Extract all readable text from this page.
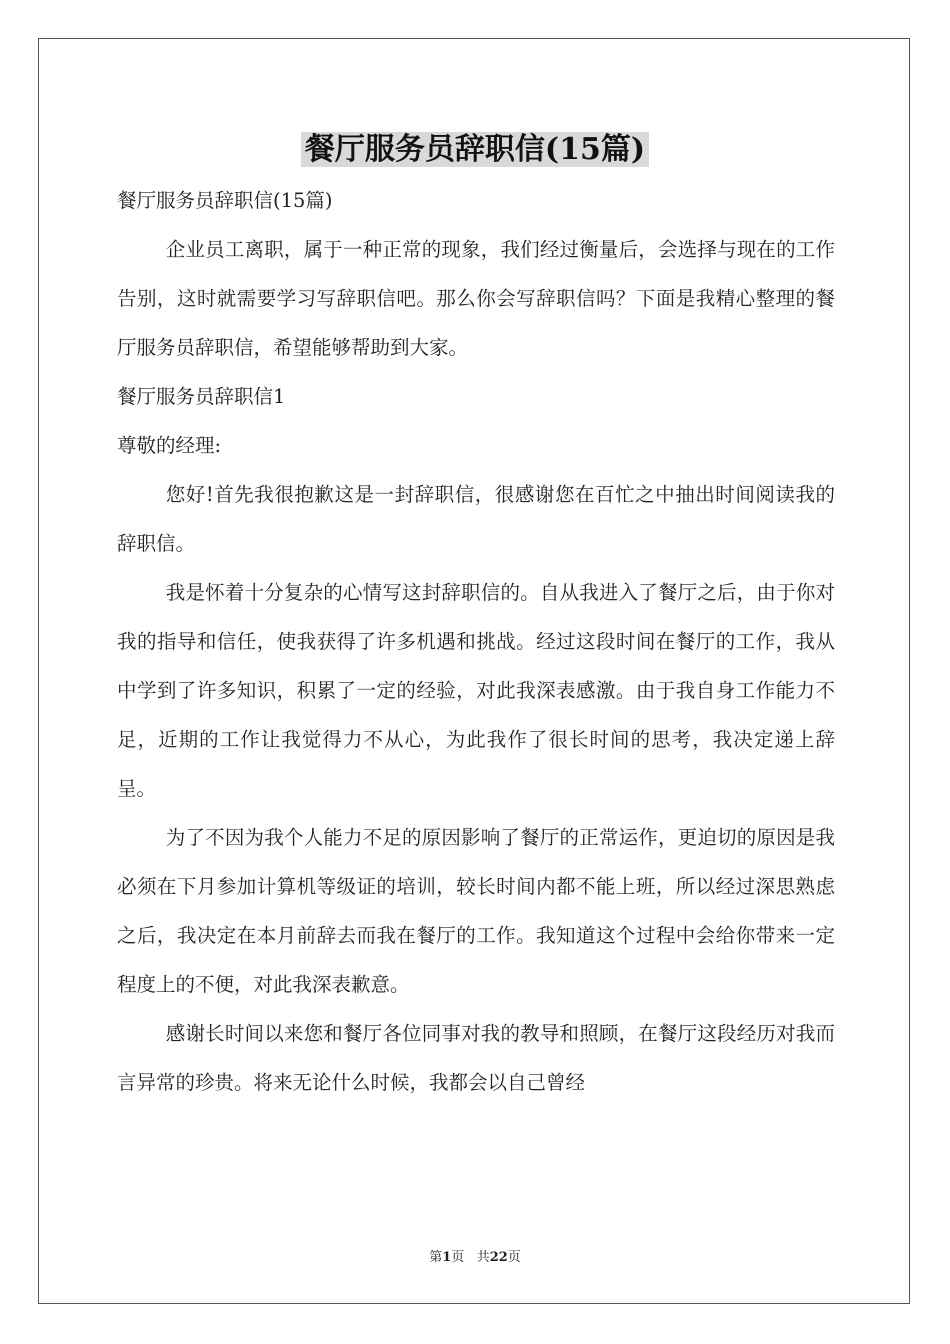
餐厅服务员辞职信(15篇)

餐厅服务员辞职信(15篇)

企业员工离职，属于一种正常的现象，我们经过衡量后，会选择与现在的工作告别，这时就需要学习写辞职信吧。那么你会写辞职信吗？下面是我精心整理的餐厅服务员辞职信，希望能够帮助到大家。

餐厅服务员辞职信1

尊敬的经理:

您好!首先我很抱歉这是一封辞职信，很感谢您在百忙之中抽出时间阅读我的辞职信。

我是怀着十分复杂的心情写这封辞职信的。自从我进入了餐厅之后，由于你对我的指导和信任，使我获得了许多机遇和挑战。经过这段时间在餐厅的工作，我从中学到了许多知识，积累了一定的经验，对此我深表感激。由于我自身工作能力不足，近期的工作让我觉得力不从心，为此我作了很长时间的思考，我决定递上辞呈。

为了不因为我个人能力不足的原因影响了餐厅的正常运作，更迫切的原因是我必须在下月参加计算机等级证的培训，较长时间内都不能上班，所以经过深思熟虑之后，我决定在本月前辞去而我在餐厅的工作。我知道这个过程中会给你带来一定程度上的不便，对此我深表歉意。

感谢长时间以来您和餐厅各位同事对我的教导和照顾，在餐厅这段经历对我而言异常的珍贵。将来无论什么时候，我都会以自己曾经

第1页 共22页
